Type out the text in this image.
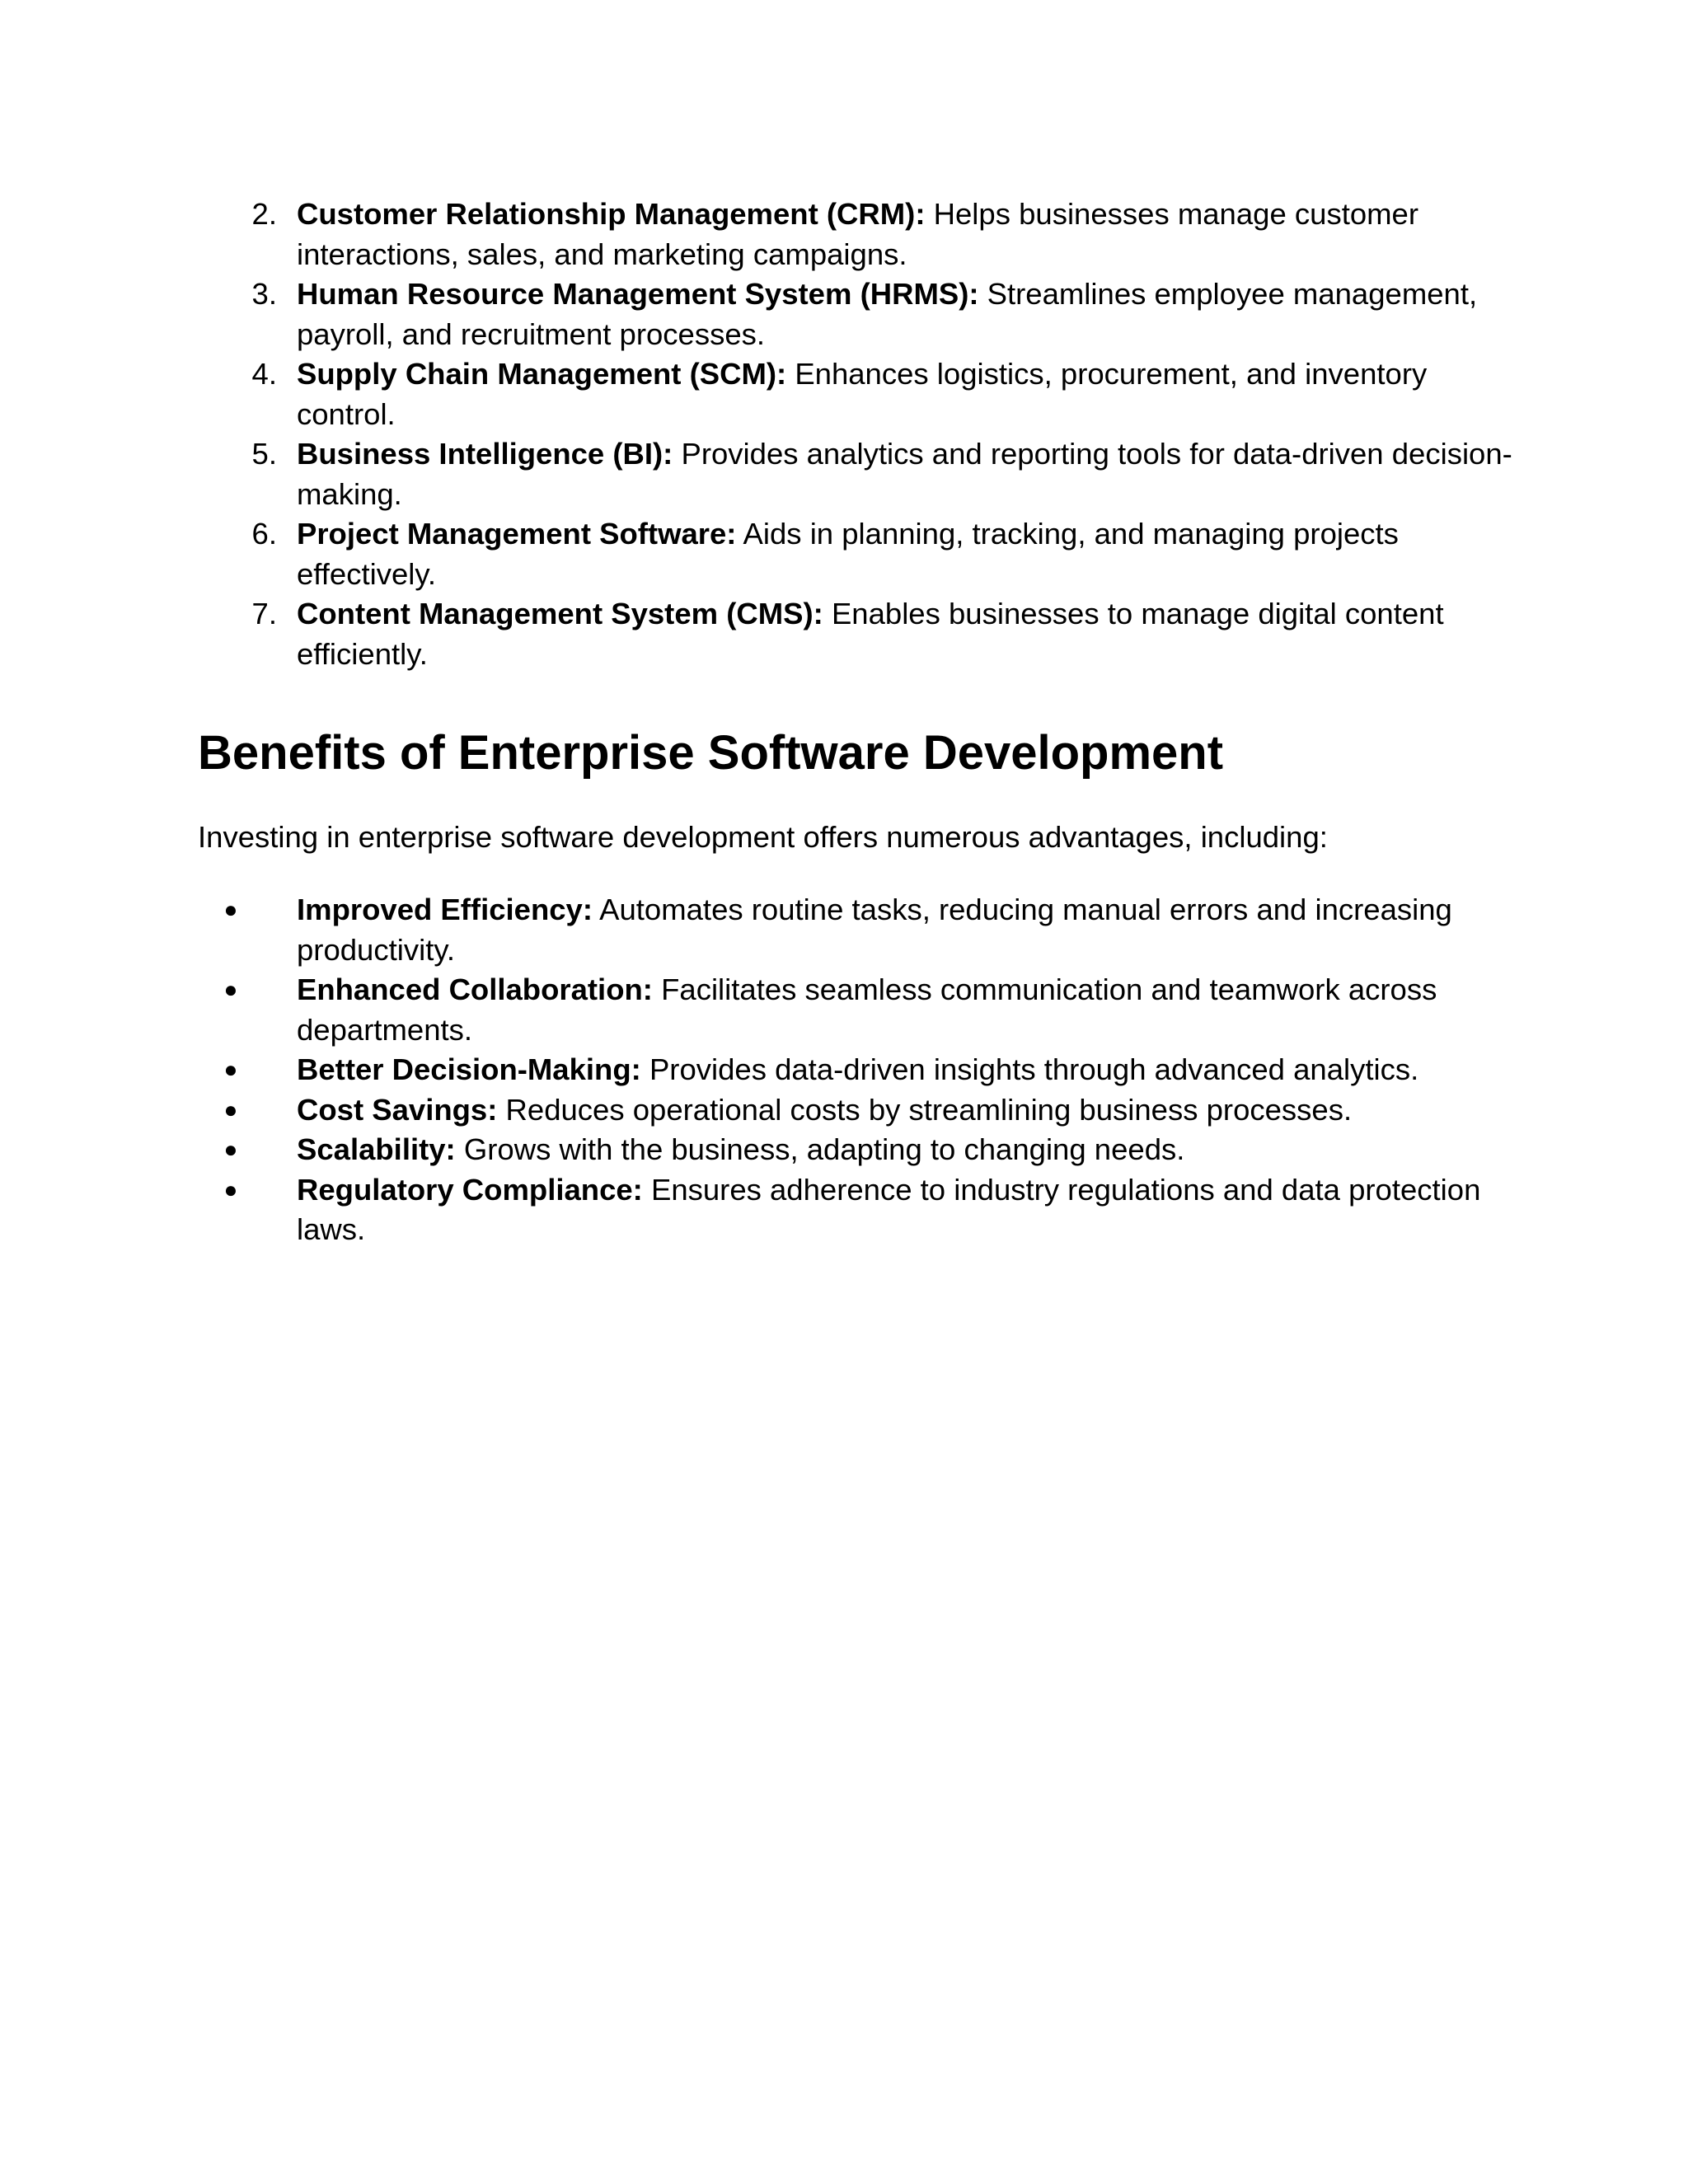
2. Customer Relationship Management (CRM): Helps businesses manage customer interactions, sales, and marketing campaigns.
3. Human Resource Management System (HRMS): Streamlines employee management, payroll, and recruitment processes.
4. Supply Chain Management (SCM): Enhances logistics, procurement, and inventory control.
5. Business Intelligence (BI): Provides analytics and reporting tools for data-driven decision-making.
6. Project Management Software: Aids in planning, tracking, and managing projects effectively.
7. Content Management System (CMS): Enables businesses to manage digital content efficiently.
Benefits of Enterprise Software Development

Investing in enterprise software development offers numerous advantages, including:

●	Improved Efficiency: Automates routine tasks, reducing manual errors and increasing productivity.
●	Enhanced Collaboration: Facilitates seamless communication and teamwork across departments.
●	Better Decision-Making: Provides data-driven insights through advanced analytics.
●	Cost Savings: Reduces operational costs by streamlining business processes.
●	Scalability: Grows with the business, adapting to changing needs.
●	Regulatory Compliance: Ensures adherence to industry regulations and data protection laws.
